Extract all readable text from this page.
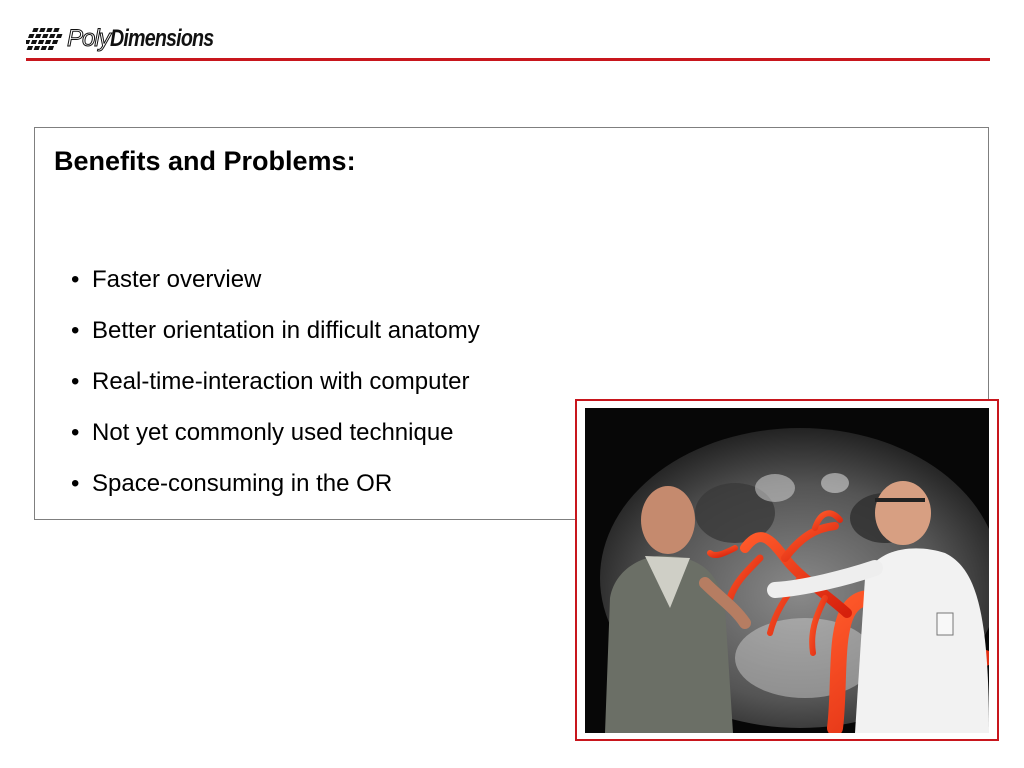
PolyDimensions
Benefits and Problems:
• Faster overview
• Better orientation in difficult anatomy
• Real-time-interaction with computer
• Not yet commonly used technique
• Space-consuming in the OR
